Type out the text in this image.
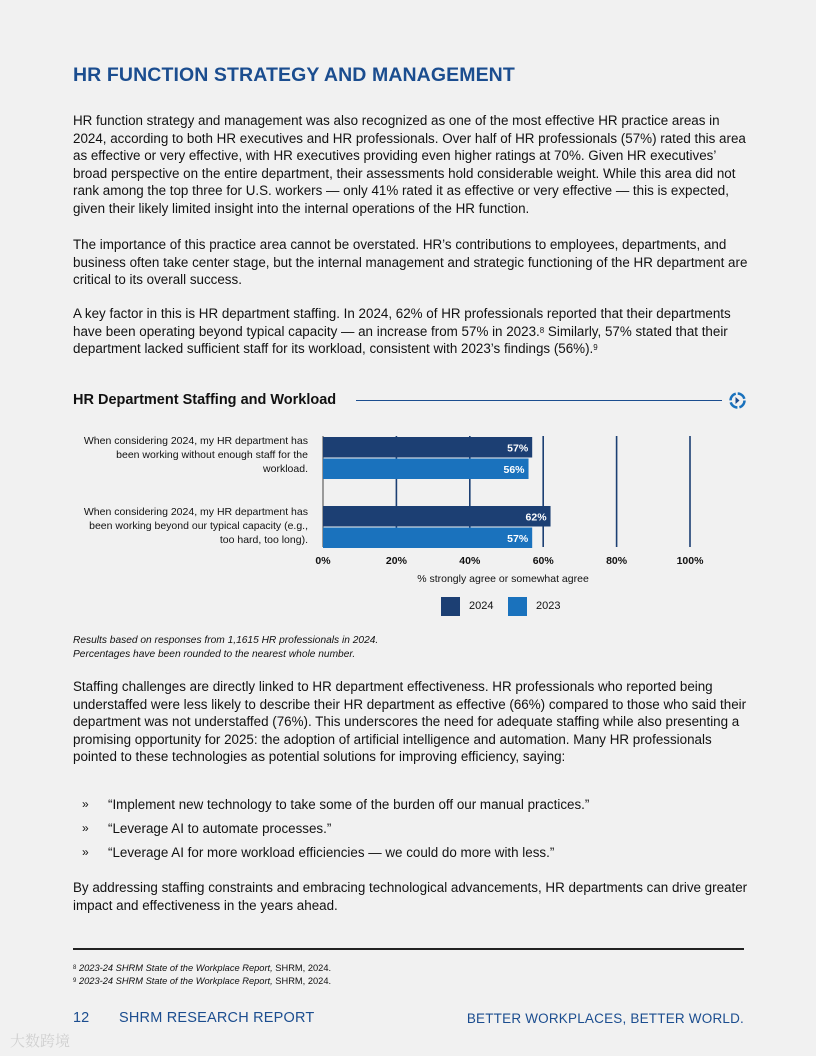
HR FUNCTION STRATEGY AND MANAGEMENT

HR function strategy and management was also recognized as one of the most effective HR practice areas in 2024, according to both HR executives and HR professionals. Over half of HR professionals (57%) rated this area as effective or very effective, with HR executives providing even higher ratings at 70%. Given HR executives’ broad perspective on the entire department, their assessments hold considerable weight. While this area did not rank among the top three for U.S. workers — only 41% rated it as effective or very effective — this is expected, given their likely limited insight into the internal operations of the HR function.

The importance of this practice area cannot be overstated. HR’s contributions to employees, departments, and business often take center stage, but the internal management and strategic functioning of the HR department are critical to its overall success.

A key factor in this is HR department staffing. In 2024, 62% of HR professionals reported that their departments have been operating beyond typical capacity — an increase from 57% in 2023.$^8$ Similarly, 57% stated that their department lacked sufficient staff for its workload, consistent with 2023’s findings (56%).$^9$

HR Department Staffing and Workload
When considering 2024, my HR department has been working without enough staff for the workload.
When considering 2024, my HR department has been working beyond our typical capacity (e.g., too hard, too long).
57%
56%
62%
57%
0%	20%	40%	60%	80%	100%
% strongly agree or somewhat agree
2024	2023
Results based on responses from 1,1615 HR professionals in 2024.
Percentages have been rounded to the nearest whole number.

Staffing challenges are directly linked to HR department effectiveness. HR professionals who reported being understaffed were less likely to describe their HR department as effective (66%) compared to those who said their department was not understaffed (76%). This underscores the need for adequate staffing while also presenting a promising opportunity for 2025: the adoption of artificial intelligence and automation. Many HR professionals pointed to these technologies as potential solutions for improving efficiency, saying:

»	“Implement new technology to take some of the burden off our manual practices.”
»	“Leverage AI to automate processes.”
»	“Leverage AI for more workload efficiencies — we could do more with less.”

By addressing staffing constraints and embracing technological advancements, HR departments can drive greater impact and effectiveness in the years ahead.

$^8$ 2023-24 SHRM State of the Workplace Report, SHRM, 2024.
$^9$ 2023-24 SHRM State of the Workplace Report, SHRM, 2024.
12 SHRM RESEARCH REPORT	BETTER WORKPLACES, BETTER WORLD.
大数跨境
